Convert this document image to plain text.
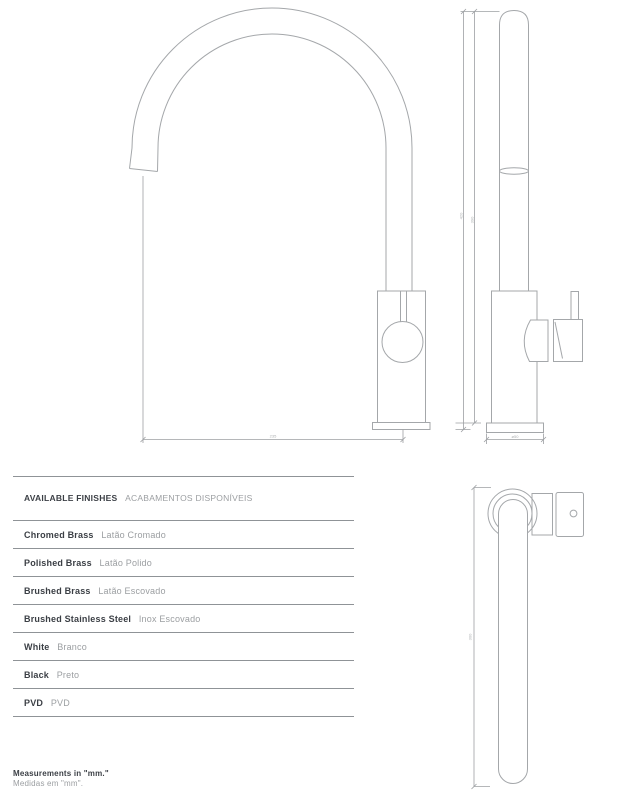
235
420
390
ø50
300
AVAILABLE FINISHES ACABAMENTOS DISPONÍVEIS
Chromed Brass Latão Cromado
Polished Brass Latão Polido
Brushed Brass Latão Escovado
Brushed Stainless Steel Inox Escovado
White Branco
Black Preto
PVD PVD
Measurements in "mm."
Medidas em "mm".
